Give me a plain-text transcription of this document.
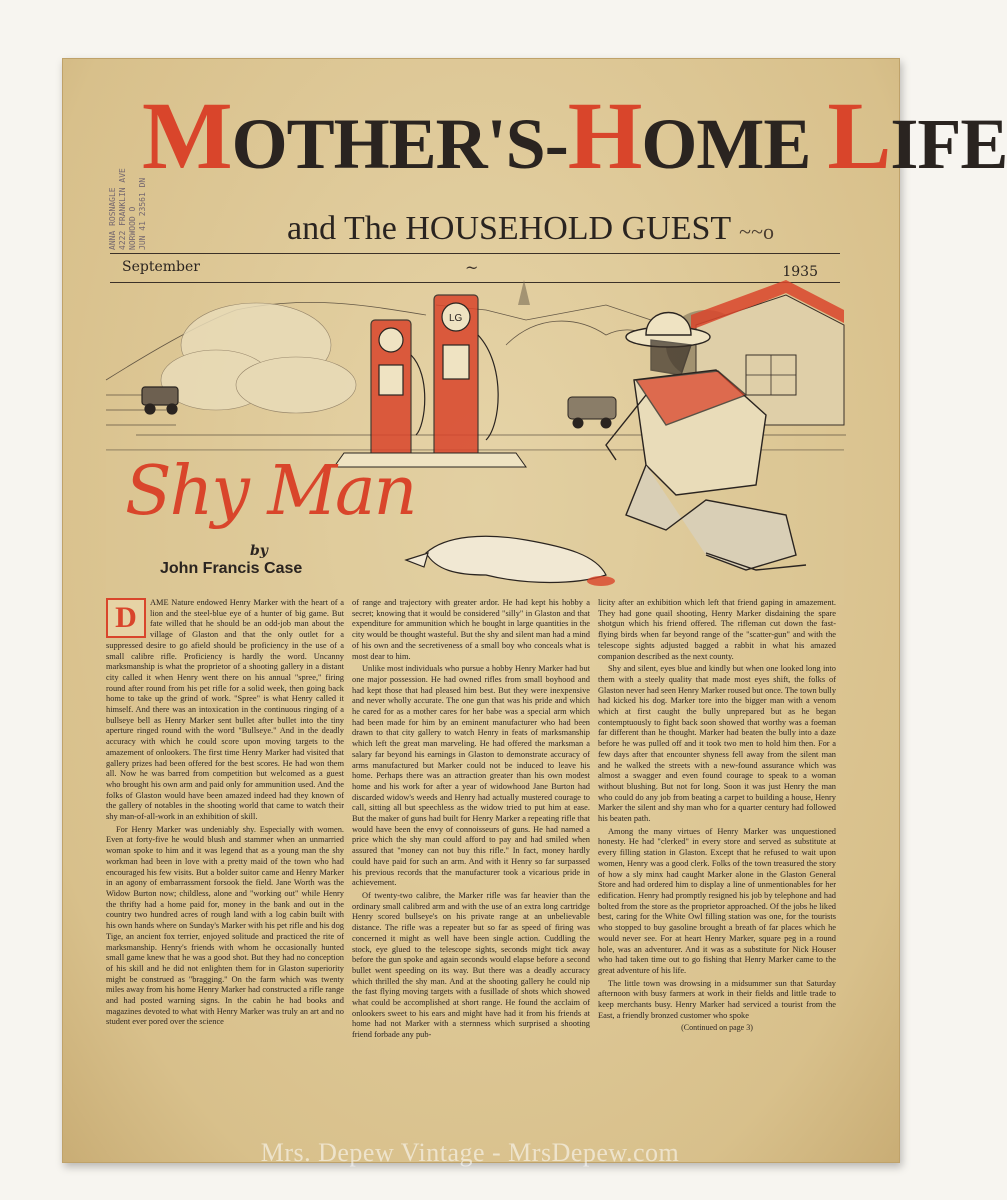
MOTHER'S-HOME LIFE
and The HOUSEHOLD GUEST ~~o
ANNA ROSNAGLE 4222 FRANKLIN AVE NORWOOD O JUN 41 23561 DN
September	~	1935
LG
Shy Man
by
John Francis Case

D	AME Nature endowed Henry Marker with the heart of a lion and the steel-blue eye of a hunter of big game. But fate willed that he should be an odd-job man about the village of Glaston and that the only outlet for a suppressed desire to go afield should be proficiency in the use of a small calibre rifle. Proficiency is hardly the word. Uncanny marksmanship is what the proprietor of a shooting gallery in a distant city called it when Henry went there on his annual "spree," firing round after round from his pet rifle for a solid week, then going back home to take up the grind of work. "Spree" is what Henry called it himself. And there was an intoxication in the continuous ringing of a bullseye bell as Henry Marker sent bullet after bullet into the tiny aperture ringed round with the word "Bullseye." And in the deadly accuracy with which he could score upon moving targets to the amazement of onlookers. The first time Henry Marker had visited that gallery prizes had been offered for the best scores. He had won them all. Now he was barred from competition but welcomed as a guest who brought his own arm and paid only for ammunition used. And the folks of Glaston would have been amazed indeed had they known of the gallery of notables in the shooting world that came to watch their shy man-of-all-work in an exhibition of skill.

For Henry Marker was undeniably shy. Especially with women. Even at forty-five he would blush and stammer when an unmarried woman spoke to him and it was legend that as a young man the shy workman had been in love with a pretty maid of the town who had encouraged his few visits. But a bolder suitor came and Henry Marker in an agony of embarrassment forsook the field. Jane Worth was the Widow Burton now; childless, alone and "working out" while Henry the thrifty had a home paid for, money in the bank and out in the country two hundred acres of rough land with a log cabin built with his own hands where on Sunday's Marker with his pet rifle and his dog Tige, an ancient fox terrier, enjoyed solitude and practiced the rite of marksmanship. Henry's friends with whom he occasionally hunted small game knew that he was a good shot. But they had no conception of his skill and he did not enlighten them for in Glaston superiority might be construed as "bragging." On the farm which was twenty miles away from his home Henry Marker had constructed a rifle range and had posted warning signs. In the cabin he had books and magazines devoted to what with Henry Marker was truly an art and no student ever pored over the science

of range and trajectory with greater ardor. He had kept his hobby a secret; knowing that it would be considered "silly" in Glaston and that expenditure for ammunition which he bought in large quantities in the city would be thought wasteful. But the shy and silent man had a mind of his own and the secretiveness of a small boy who conceals what is most dear to him.

Unlike most individuals who pursue a hobby Henry Marker had but one major possession. He had owned rifles from small boyhood and had kept those that had pleased him best. But they were inexpensive and never wholly accurate. The one gun that was his pride and which he cared for as a mother cares for her babe was a special arm which had been made for him by an eminent manufacturer who had been drawn to that city gallery to watch Henry in feats of marksmanship which left the great man marveling. He had offered the marksman a salary far beyond his earnings in Glaston to demonstrate accuracy of arms manufactured but Marker could not be induced to leave his home. Perhaps there was an attraction greater than his own modest home and his work for after a year of widowhood Jane Burton had discarded widow's weeds and Henry had actually mustered courage to call, sitting all but speechless as the widow tried to put him at ease. But the maker of guns had built for Henry Marker a repeating rifle that would have been the envy of connoisseurs of guns. He had named a price which the shy man could afford to pay and had smiled when assured that "money can not buy this rifle." In fact, money hardly could have paid for such an arm. And with it Henry so far surpassed his previous records that the manufacturer took a vicarious pride in achievement.

Of twenty-two calibre, the Marker rifle was far heavier than the ordinary small calibred arm and with the use of an extra long cartridge Henry scored bullseye's on his private range at an unbelievable distance. The rifle was a repeater but so far as speed of firing was concerned it might as well have been single action. Cuddling the stock, eye glued to the telescope sights, seconds might tick away before the gun spoke and again seconds would elapse before a second bullet went speeding on its way. But there was a deadly accuracy which thrilled the shy man. And at the shooting gallery he could nip the fast flying moving targets with a fusillade of shots which showed what could be accomplished at short range. He found the acclaim of onlookers sweet to his ears and might have had it from his friends at home had not Marker with a sternness which surprised a shooting friend forbade any pub-

licity after an exhibition which left that friend gaping in amazement. They had gone quail shooting, Henry Marker disdaining the spare shotgun which his friend offered. The rifleman cut down the fast-flying birds when far beyond range of the "scatter-gun" and with the telescope sights adjusted bagged a rabbit in what his amazed companion described as the next county.

Shy and silent, eyes blue and kindly but when one looked long into them with a steely quality that made most eyes shift, the folks of Glaston never had seen Henry Marker roused but once. The town bully had kicked his dog. Marker tore into the bigger man with a venom which at first caught the bully unprepared but as he began contemptuously to fight back soon showed that worthy was a foeman far different than he thought. Marker had beaten the bully into a daze before he was pulled off and it took two men to hold him then. For a few days after that encounter shyness fell away from the silent man and he walked the streets with a new-found assurance which was almost a swagger and even found courage to speak to a woman without blushing. But not for long. Soon it was just Henry the man who could do any job from beating a carpet to building a house, Henry Marker the silent and shy man who for a quarter century had followed his beaten path.

Among the many virtues of Henry Marker was unquestioned honesty. He had "clerked" in every store and served as substitute at every filling station in Glaston. Except that he refused to wait upon women, Henry was a good clerk. Folks of the town treasured the story of how a sly minx had caught Marker alone in the Glaston General Store and had ordered him to display a line of unmentionables for her edification. Henry had promptly resigned his job by telephone and had bolted from the store as the proprietor approached. Of the jobs he liked best, caring for the White Owl filling station was one, for the tourists who stopped to buy gasoline brought a breath of far places which he would never see. For at heart Henry Marker, square peg in a round hole, was an adventurer. And it was as a substitute for Nick Houser who had taken time out to go fishing that Henry Marker came to the great adventure of his life.

The little town was drowsing in a midsummer sun that Saturday afternoon with busy farmers at work in their fields and little trade to keep merchants busy. Henry Marker had serviced a tourist from the East, a friendly bronzed customer who spoke

(Continued on page 3)
Mrs. Depew Vintage - MrsDepew.com
